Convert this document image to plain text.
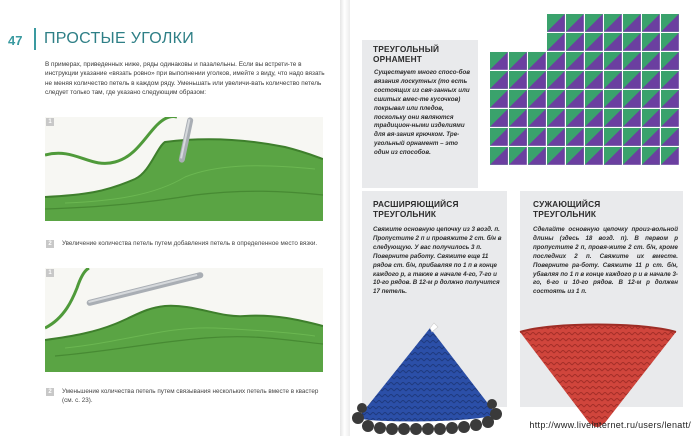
47 ПРОСТЫЕ УГОЛКИ
В примерах, приведенных ниже, ряды одинаковы и пазалельны. Если вы встрети-те в инструкции указание «вязать ровно» при выполнении уголков, имейте з виду, что надо вязать не меняя количество петель в каждом ряду. Уменьшать или увеличи-вать количество петель следует только там, где указано следующим образом:
1
2	Увеличение количества петель путем добавления петель в определенное место вязки.
1
2	Уменьшение количества петель путем связывания нескольких петель вместе в квастер (см. с. 23).
ТРЕУГОЛЬНЫЙ
ОРНАМЕНТ
Существует много спосо-бов вязания лоскутных (то есть состоящих из свя-занных или сшитых вмес-те кусочков) покрывал или пледов, поскольку они являются традицион-ными изделиями для вя-зания крючком. Тре-угольный орнамент – это один из способов.
РАСШИРЯЮЩИЙСЯ
ТРЕУГОЛЬНИК
Свяжите основную цепочку из 3 возд. п. Пропустите 2 п и провяжите 2 ст. б/н в следующую. У вас получилось 3 п. Поверните работу. Свяжите еще 11 рядов ст. б/н, прибавляя по 1 п в конце каждого р, а также в начале 4-го, 7-го и 10-го рядов. В 12-м р должно получится 17 петель.
СУЖАЮЩИЙСЯ
ТРЕУГОЛЬНИК
Сделайте основную цепочку произ-вольной длины (здесь 18 возд. п). В первом р пропустите 2 п, провя-жите 2 ст. б/н, кроме последних 2 п. Свяжите их вместе. Поверните ра-боту. Свяжите 11 р ст. б/н, убавляя по 1 п в конце каждого р и в начале 3-го, 6-го и 10-го рядов. В 12-м р должен состоять из 1 п.
http://www.liveinternet.ru/users/lenatt/
